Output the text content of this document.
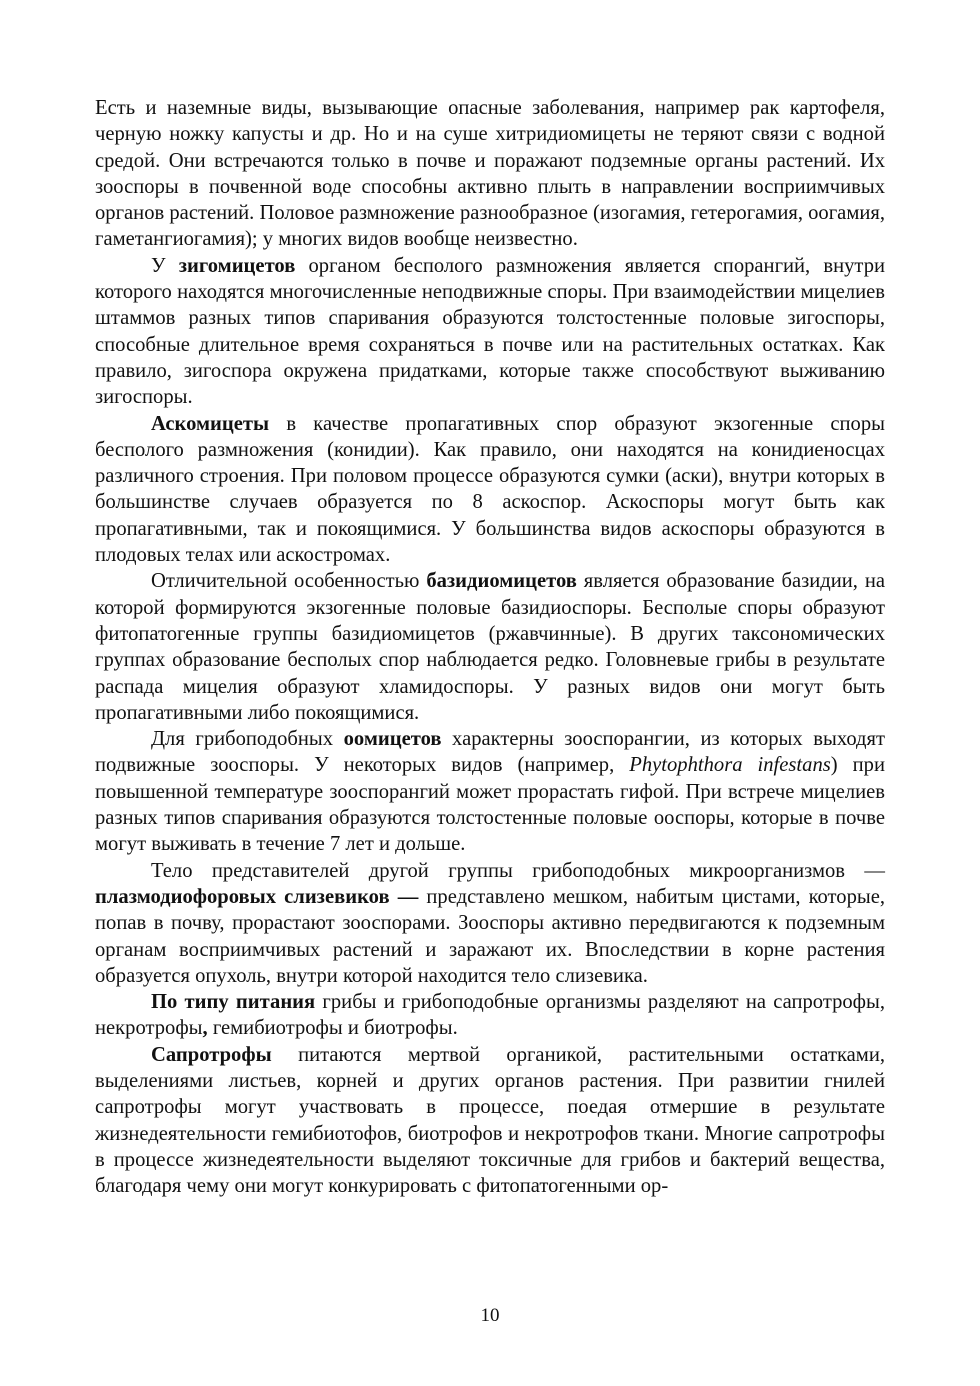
Есть и наземные виды, вызывающие опасные заболевания, например рак картофеля, черную ножку капусты и др. Но и на суше хитридиомицеты не теряют связи с водной средой. Они встречаются только в почве и поражают подземные органы растений. Их зооспоры в почвенной воде способны активно плыть в направлении восприимчивых органов растений. Половое размножение разнообразное (изогамия, гетерогамия, оогамия, гаметангиогамия); у многих видов вообще неизвестно.

У зигомицетов органом бесполого размножения является спорангий, внутри которого находятся многочисленные неподвижные споры. При взаимодействии мицелиев штаммов разных типов спаривания образуются толстостенные половые зигоспоры, способные длительное время сохраняться в почве или на растительных остатках. Как правило, зигоспора окружена придатками, которые также способствуют выживанию зигоспоры.

Аскомицеты в качестве пропагативных спор образуют экзогенные споры бесполого размножения (конидии). Как правило, они находятся на конидиеносцах различного строения. При половом процессе образуются сумки (аски), внутри которых в большинстве случаев образуется по 8 аскоспор. Аскоспоры могут быть как пропагативными, так и покоящимися. У большинства видов аскоспоры образуются в плодовых телах или аскостромах.

Отличительной особенностью базидиомицетов является образование базидии, на которой формируются экзогенные половые базидиоспоры. Бесполые споры образуют фитопатогенные группы базидиомицетов (ржавчинные). В других таксономических группах образование бесполых спор наблюдается редко. Головневые грибы в результате распада мицелия образуют хламидоспоры. У разных видов они могут быть пропагативными либо покоящимися.

Для грибоподобных оомицетов характерны зооспорангии, из которых выходят подвижные зооспоры. У некоторых видов (например, Phytophthora infestans) при повышенной температуре зооспорангий может прорастать гифой. При встрече мицелиев разных типов спаривания образуются толстостенные половые ооспоры, которые в почве могут выживать в течение 7 лет и дольше.

Тело представителей другой группы грибоподобных микроорганизмов — плазмодиофоровых слизевиков — представлено мешком, набитым цистами, которые, попав в почву, прорастают зооспорами. Зооспоры активно передвигаются к подземным органам восприимчивых растений и заражают их. Впоследствии в корне растения образуется опухоль, внутри которой находится тело слизевика.

По типу питания грибы и грибоподобные организмы разделяют на сапротрофы, некротрофы, гемибиотрофы и биотрофы.

Сапротрофы питаются мертвой органикой, растительными остатками, выделениями листьев, корней и других органов растения. При развитии гнилей сапротрофы могут участвовать в процессе, поедая отмершие в результате жизнедеятельности гемибиотофов, биотрофов и некротрофов ткани. Многие сапротрофы в процессе жизнедеятельности выделяют токсичные для грибов и бактерий вещества, благодаря чему они могут конкурировать с фитопатогенными ор-

10
